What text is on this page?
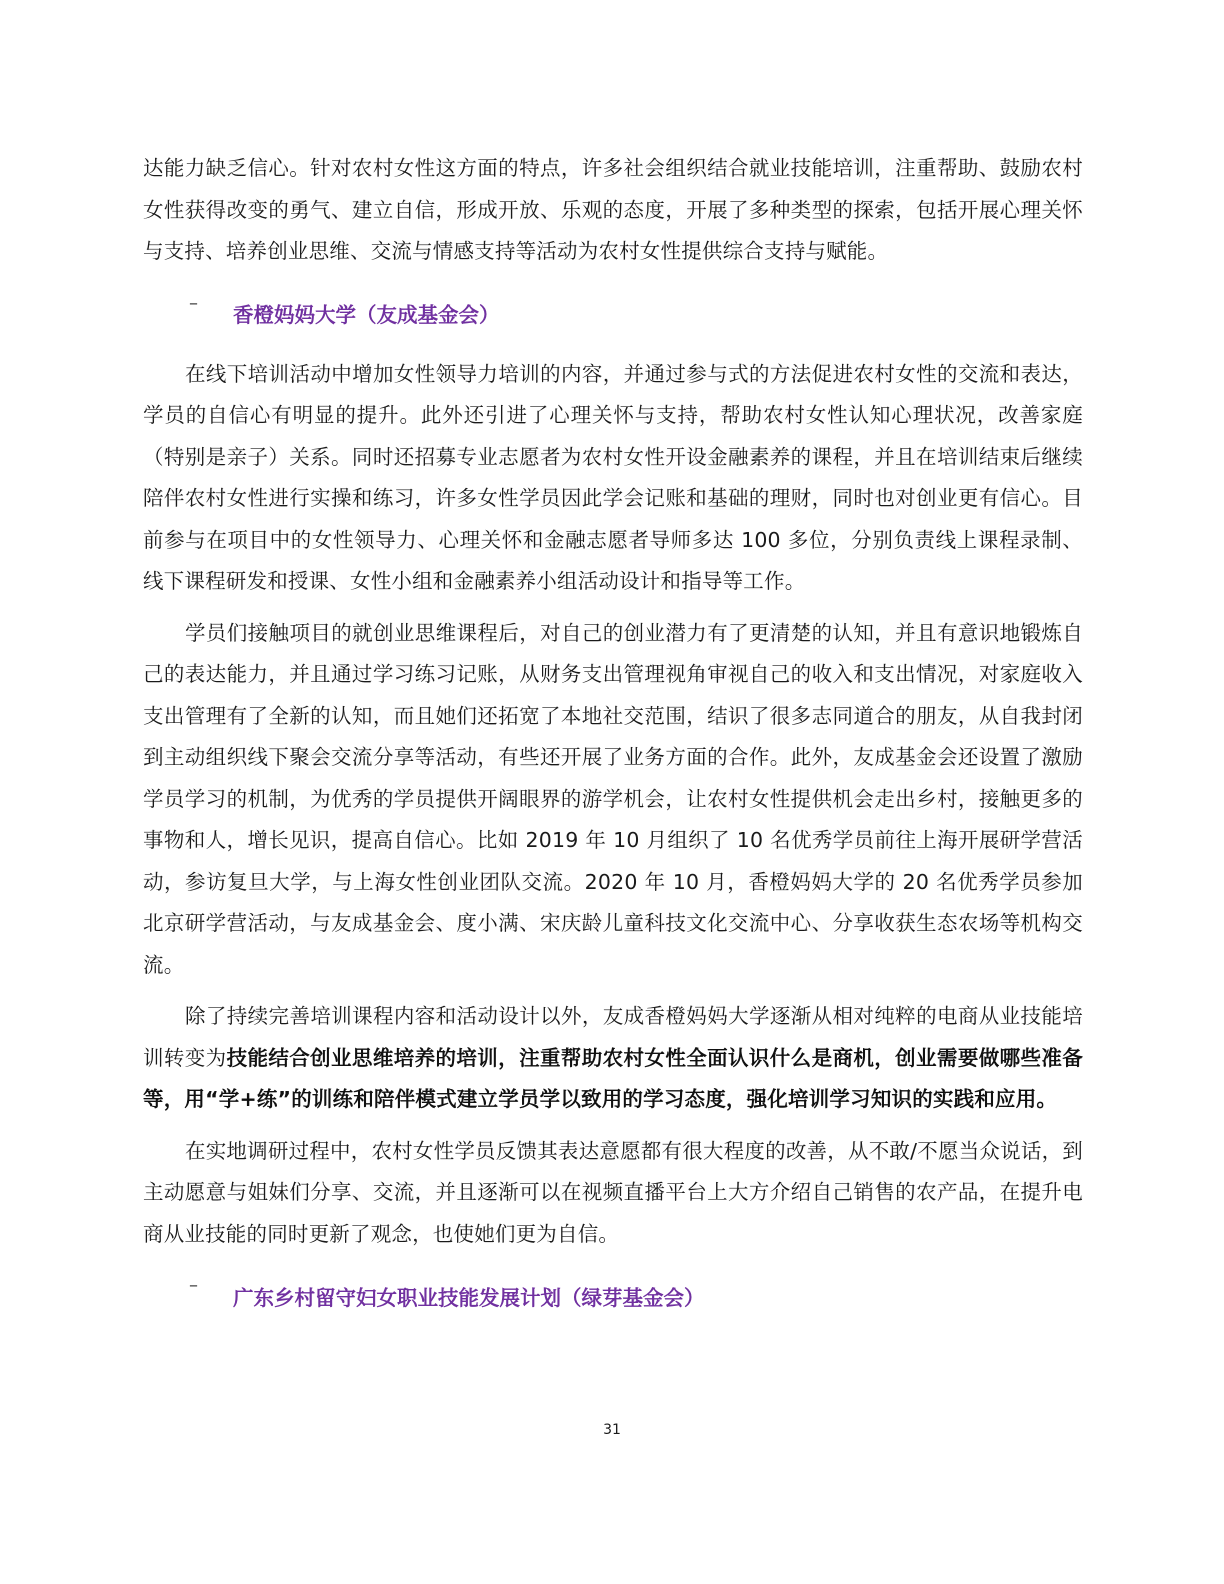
达能力缺乏信心。针对农村女性这方面的特点，许多社会组织结合就业技能培训，注重帮助、鼓励农村女性获得改变的勇气、建立自信，形成开放、乐观的态度，开展了多种类型的探索，包括开展心理关怀与支持、培养创业思维、交流与情感支持等活动为农村女性提供综合支持与赋能。

–	香橙妈妈大学（友成基金会）

在线下培训活动中增加女性领导力培训的内容，并通过参与式的方法促进农村女性的交流和表达，学员的自信心有明显的提升。此外还引进了心理关怀与支持，帮助农村女性认知心理状况，改善家庭（特别是亲子）关系。同时还招募专业志愿者为农村女性开设金融素养的课程，并且在培训结束后继续陪伴农村女性进行实操和练习，许多女性学员因此学会记账和基础的理财，同时也对创业更有信心。目前参与在项目中的女性领导力、心理关怀和金融志愿者导师多达 100 多位，分别负责线上课程录制、线下课程研发和授课、女性小组和金融素养小组活动设计和指导等工作。

学员们接触项目的就创业思维课程后，对自己的创业潜力有了更清楚的认知，并且有意识地锻炼自己的表达能力，并且通过学习练习记账，从财务支出管理视角审视自己的收入和支出情况，对家庭收入支出管理有了全新的认知，而且她们还拓宽了本地社交范围，结识了很多志同道合的朋友，从自我封闭到主动组织线下聚会交流分享等活动，有些还开展了业务方面的合作。此外，友成基金会还设置了激励学员学习的机制，为优秀的学员提供开阔眼界的游学机会，让农村女性提供机会走出乡村，接触更多的事物和人，增长见识，提高自信心。比如 2019 年 10 月组织了 10 名优秀学员前往上海开展研学营活动，参访复旦大学，与上海女性创业团队交流。2020 年 10 月，香橙妈妈大学的 20 名优秀学员参加北京研学营活动，与友成基金会、度小满、宋庆龄儿童科技文化交流中心、分享收获生态农场等机构交流。

除了持续完善培训课程内容和活动设计以外，友成香橙妈妈大学逐渐从相对纯粹的电商从业技能培训转变为技能结合创业思维培养的培训，注重帮助农村女性全面认识什么是商机，创业需要做哪些准备等，用“学+练”的训练和陪伴模式建立学员学以致用的学习态度，强化培训学习知识的实践和应用。

在实地调研过程中，农村女性学员反馈其表达意愿都有很大程度的改善，从不敢/不愿当众说话，到主动愿意与姐妹们分享、交流，并且逐渐可以在视频直播平台上大方介绍自己销售的农产品，在提升电商从业技能的同时更新了观念，也使她们更为自信。

–	广东乡村留守妇女职业技能发展计划（绿芽基金会）
31
